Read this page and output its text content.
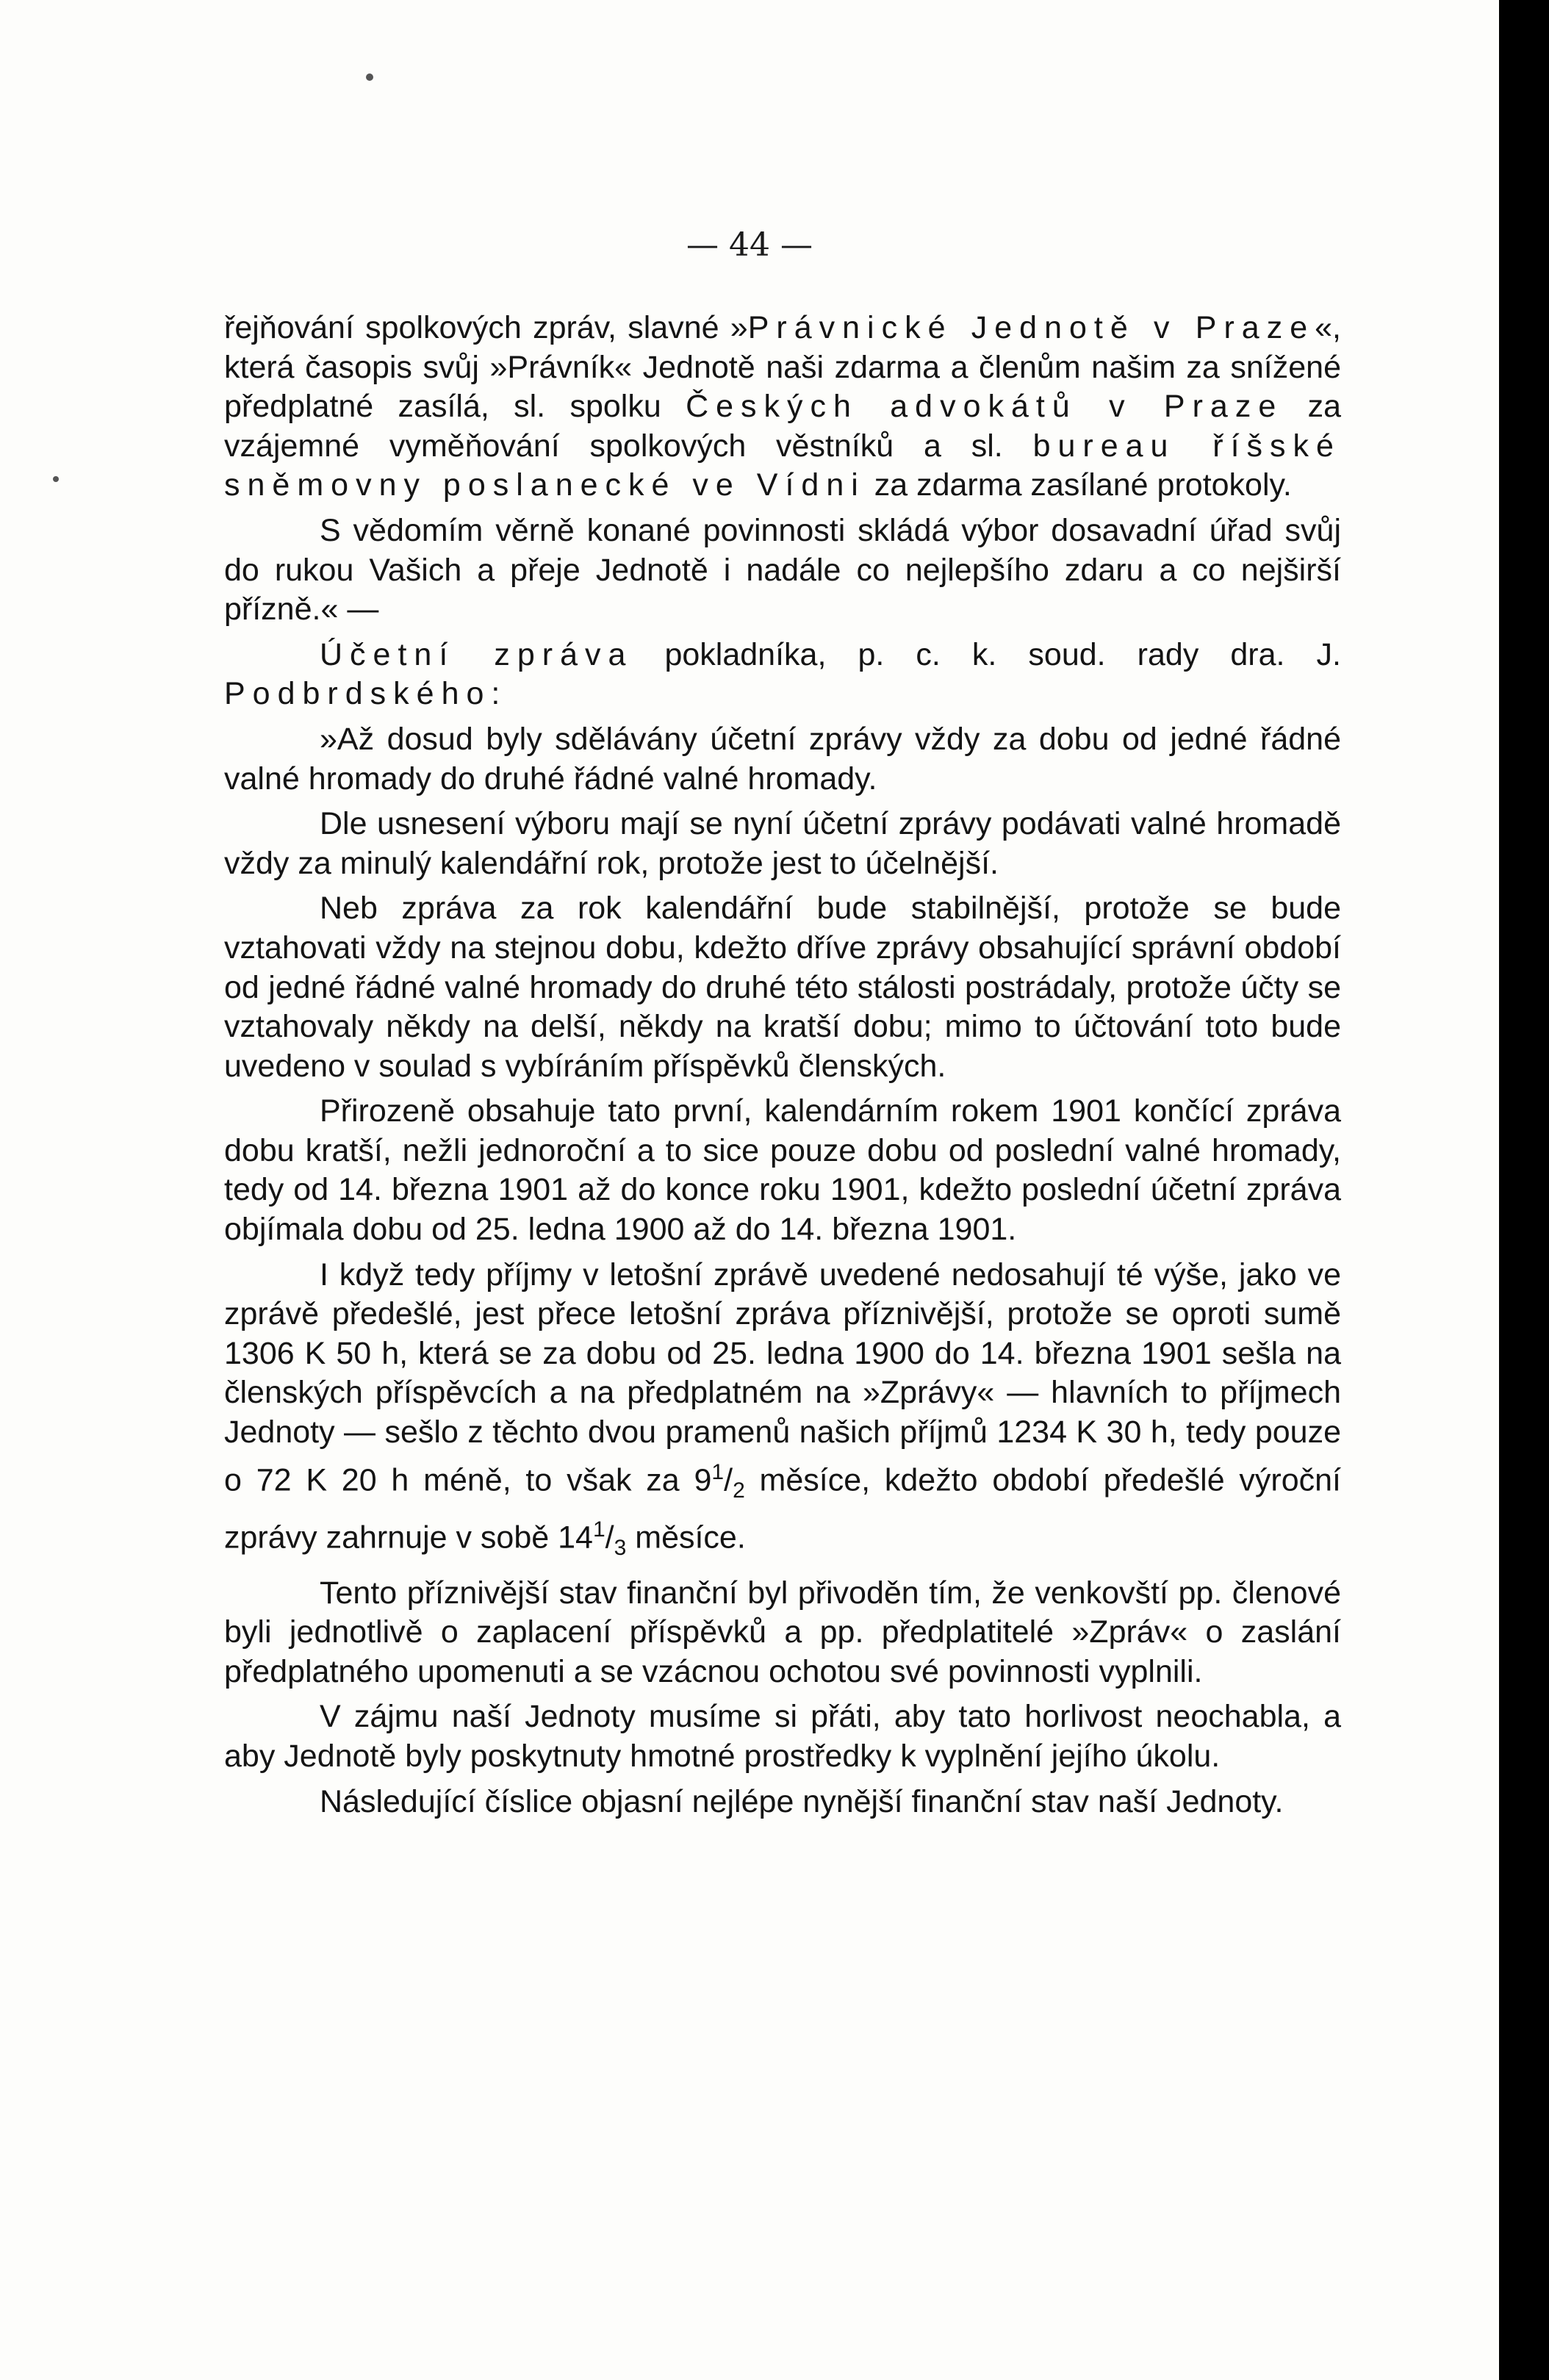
— 44 —

řejňování spolkových zpráv, slavné »Právnické Jednotě v Praze«, která časopis svůj »Právník« Jednotě naši zdarma a členům našim za snížené předplatné zasílá, sl. spolku Českých advokátů v Praze za vzájemné vyměňování spolkových věstníků a sl. bureau říšské sněmovny poslanecké ve Vídni za zdarma zasílané protokoly.

S vědomím věrně konané povinnosti skládá výbor dosavadní úřad svůj do rukou Vašich a přeje Jednotě i nadále co nejlepšího zdaru a co nejširší přízně.« —

Účetní zpráva pokladníka, p. c. k. soud. rady dra. J. Podbrdského:

»Až dosud byly sdělávány účetní zprávy vždy za dobu od jedné řádné valné hromady do druhé řádné valné hromady.

Dle usnesení výboru mají se nyní účetní zprávy podávati valné hromadě vždy za minulý kalendářní rok, protože jest to účelnější.

Neb zpráva za rok kalendářní bude stabilnější, protože se bude vztahovati vždy na stejnou dobu, kdežto dříve zprávy obsahující správní období od jedné řádné valné hromady do druhé této stálosti postrádaly, protože účty se vztahovaly někdy na delší, někdy na kratší dobu; mimo to účtování toto bude uvedeno v soulad s vybíráním příspěvků členských.

Přirozeně obsahuje tato první, kalendárním rokem 1901 končící zpráva dobu kratší, nežli jednoroční a to sice pouze dobu od poslední valné hromady, tedy od 14. března 1901 až do konce roku 1901, kdežto poslední účetní zpráva objímala dobu od 25. ledna 1900 až do 14. března 1901.

I když tedy příjmy v letošní zprávě uvedené nedosahují té výše, jako ve zprávě předešlé, jest přece letošní zpráva příznivější, protože se oproti sumě 1306 K 50 h, která se za dobu od 25. ledna 1900 do 14. března 1901 sešla na členských příspěvcích a na předplatném na »Zprávy« — hlavních to příjmech Jednoty — sešlo z těchto dvou pramenů našich příjmů 1234 K 30 h, tedy pouze o 72 K 20 h méně, to však za $9^1/_2$ měsíce, kdežto období předešlé výroční zprávy zahrnuje v sobě $14^1/_3$ měsíce.

Tento příznivější stav finanční byl přivoděn tím, že venkovští pp. členové byli jednotlivě o zaplacení příspěvků a pp. předplatitelé »Zpráv« o zaslání předplatného upomenuti a se vzácnou ochotou své povinnosti vyplnili.

V zájmu naší Jednoty musíme si přáti, aby tato horlivost neochabla, a aby Jednotě byly poskytnuty hmotné prostředky k vyplnění jejího úkolu.

Následující číslice objasní nejlépe nynější finanční stav naší Jednoty.
